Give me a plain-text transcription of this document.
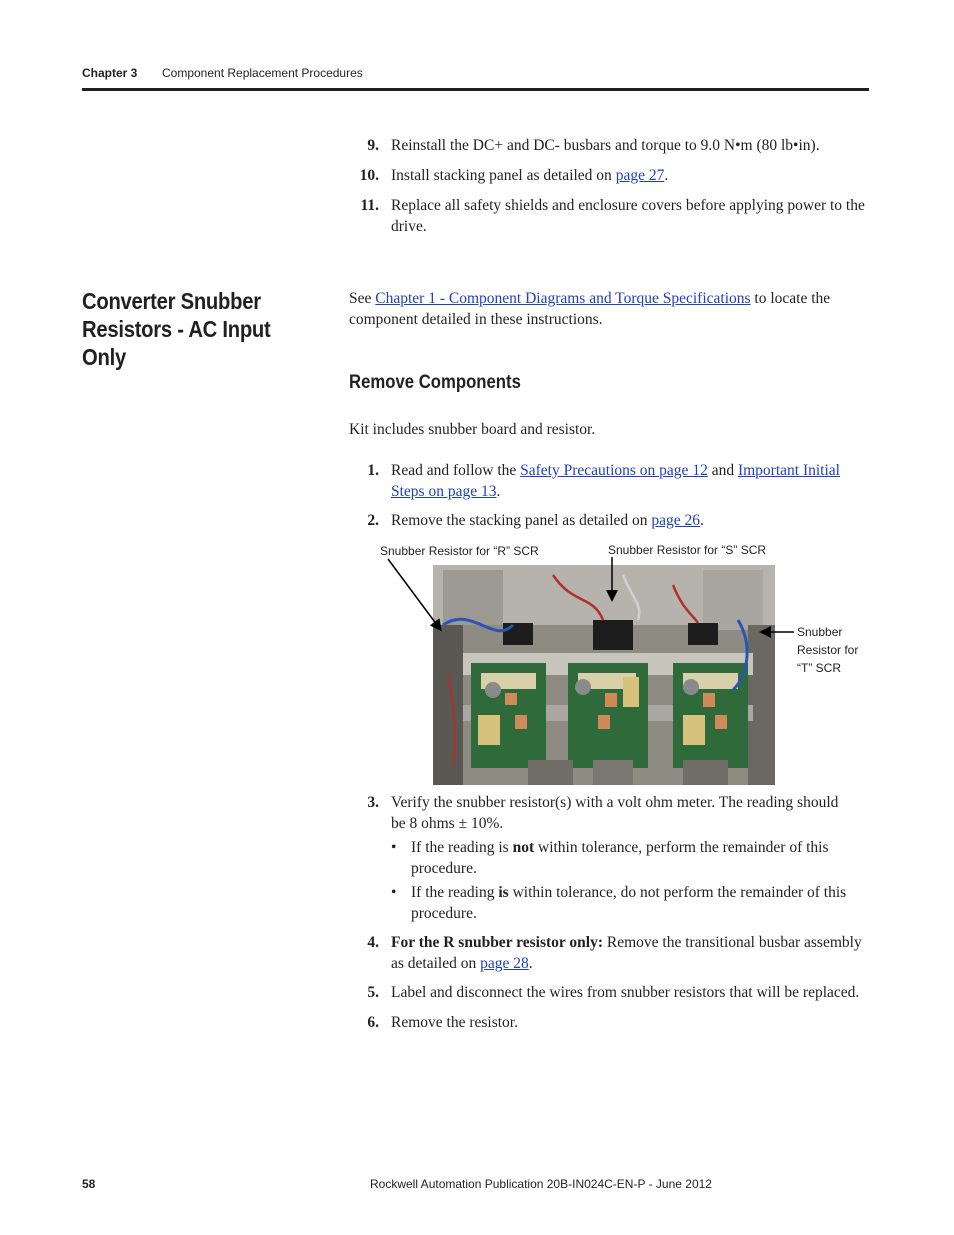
Chapter 3 Component Replacement Procedures
9. Reinstall the DC+ and DC- busbars and torque to 9.0 N•m (80 lb•in).
10. Install stacking panel as detailed on page 27.
11. Replace all safety shields and enclosure covers before applying power to the drive.
Converter Snubber
Resistors - AC Input Only
See Chapter 1 - Component Diagrams and Torque Specifications to locate the
component detailed in these instructions.
Remove Components
Kit includes snubber board and resistor.
1. Read and follow the Safety Precautions on page 12 and Important Initial
Steps on page 13.
2. Remove the stacking panel as detailed on page 26.
Snubber Resistor for “R” SCR	Snubber Resistor for “S” SCR
Snubber
Resistor for
“T” SCR
3. Verify the snubber resistor(s) with a volt ohm meter. The reading should
be 8 ohms ± 10%.
• If the reading is not within tolerance, perform the remainder of this
procedure.
• If the reading is within tolerance, do not perform the remainder of this
procedure.
4. For the R snubber resistor only: Remove the transitional busbar assembly
as detailed on page 28.
5. Label and disconnect the wires from snubber resistors that will be replaced.
6. Remove the resistor.
58	Rockwell Automation Publication 20B-IN024C-EN-P - June 2012
